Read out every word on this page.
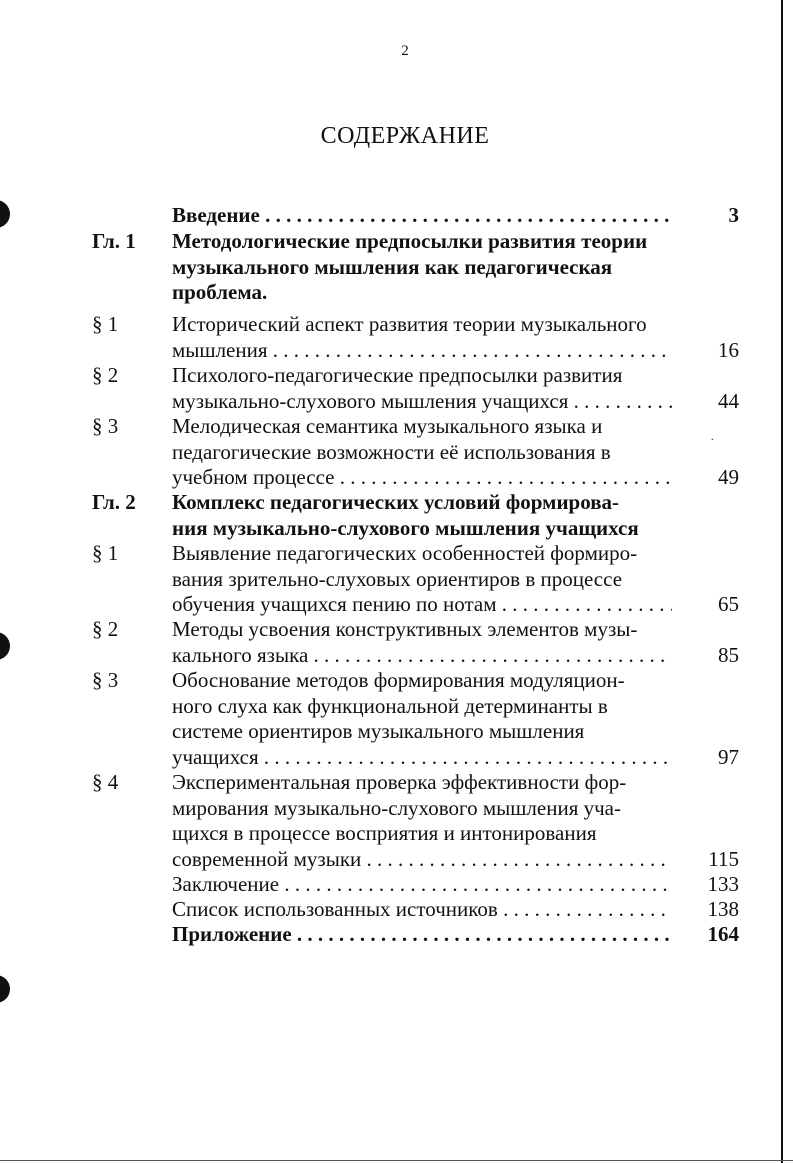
2
СОДЕРЖАНИЕ
Введение . . .	3
Гл. 1 Методологические предпосылки развития теории
музыкального мышления как педагогическая
проблема.
§ 1	Исторический аспект развития теории музыкального
мышления . . .	16
§ 2	Психолого-педагогические предпосылки развития
музыкально-слухового мышления учащихся . . .	44
§ 3	Мелодическая семантика музыкального языка и
педагогические возможности её использования в
учебном процессе . . .	49
Гл. 2 Комплекс педагогических условий формирова-
ния музыкально-слухового мышления учащихся
§ 1	Выявление педагогических особенностей формиро-
вания зрительно-слуховых ориентиров в процессе
обучения учащихся пению по нотам . . .	65
§ 2	Методы усвоения конструктивных элементов музы-
кального языка . . .	85
§ 3	Обоснование методов формирования модуляцион-
ного слуха как функциональной детерминанты в
системе ориентиров музыкального мышления
учащихся . . .	97
§ 4	Экспериментальная проверка эффективности фор-
мирования музыкально-слухового мышления уча-
щихся в процессе восприятия и интонирования
современной музыки . . .	115
Заключение . . .	133
Список использованных источников . . .	138
Приложение . . .	164
.
